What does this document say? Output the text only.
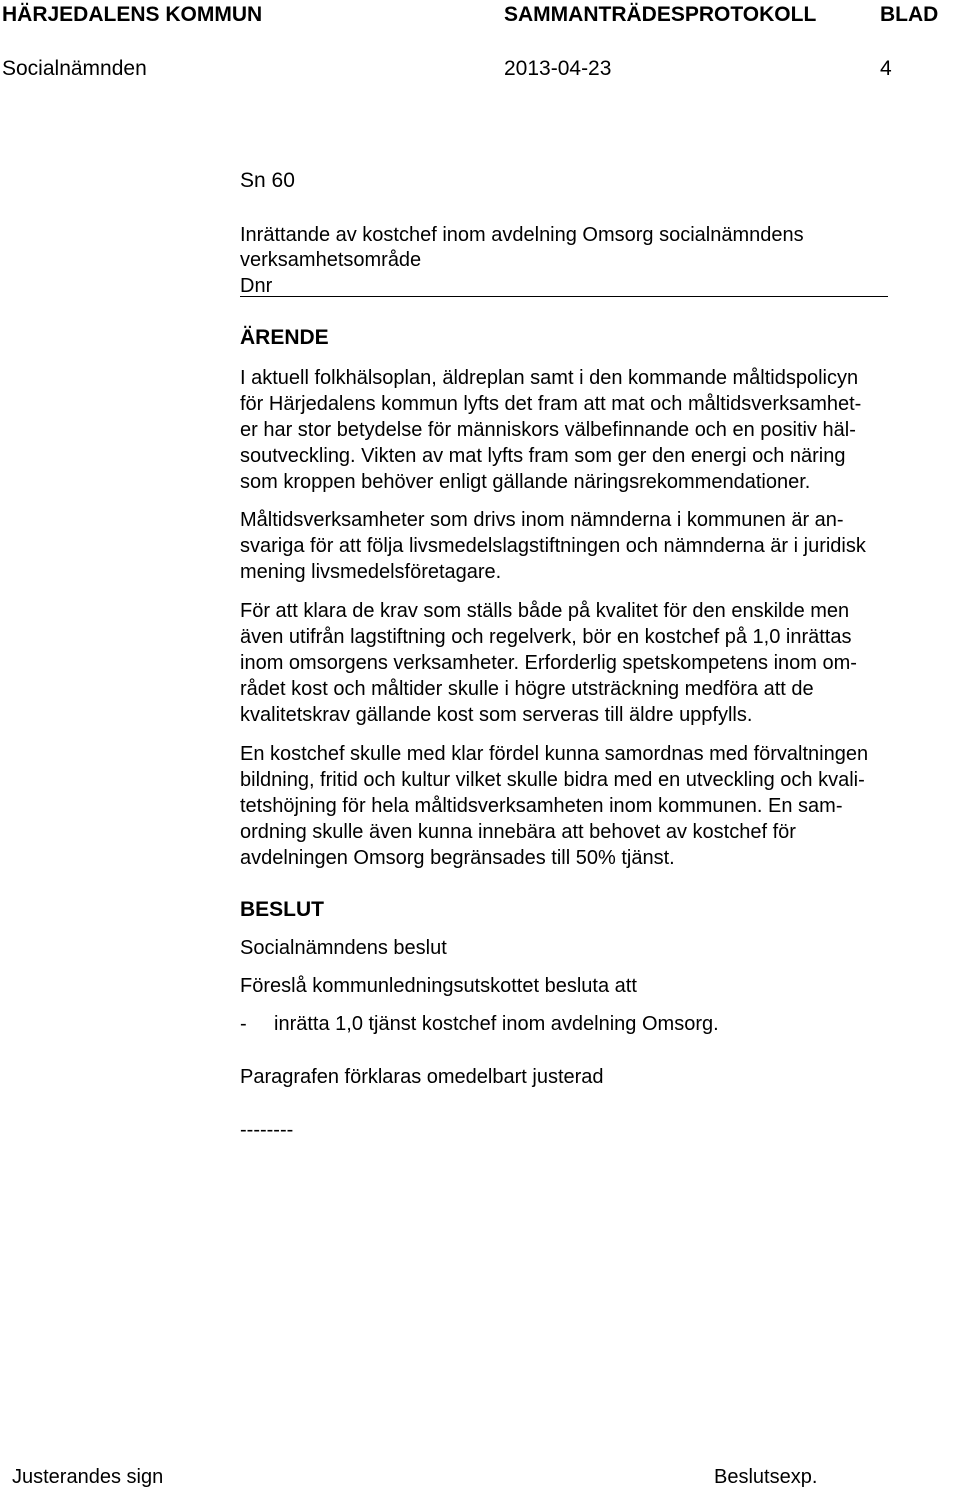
HÄRJEDALENS KOMMUN	SAMMANTRÄDESPROTOKOLL	BLAD
Socialnämnden	2013-04-23	4
Sn 60
Inrättande av kostchef inom avdelning Omsorg socialnämndens
verksamhetsområde
Dnr
ÄRENDE
I aktuell folkhälsoplan, äldreplan samt i den kommande måltidspolicyn
för Härjedalens kommun lyfts det fram att mat och måltidsverksamhet-
er har stor betydelse för människors välbefinnande och en positiv häl-
soutveckling. Vikten av mat lyfts fram som ger den energi och näring
som kroppen behöver enligt gällande näringsrekommendationer.
Måltidsverksamheter som drivs inom nämnderna i kommunen är an-
svariga för att följa livsmedelslagstiftningen och nämnderna är i juridisk
mening livsmedelsföretagare.
För att klara de krav som ställs både på kvalitet för den enskilde men
även utifrån lagstiftning och regelverk, bör en kostchef på 1,0 inrättas
inom omsorgens verksamheter. Erforderlig spetskompetens inom om-
rådet kost och måltider skulle i högre utsträckning medföra att de
kvalitetskrav gällande kost som serveras till äldre uppfylls.
En kostchef skulle med klar fördel kunna samordnas med förvaltningen
bildning, fritid och kultur vilket skulle bidra med en utveckling och kvali-
tetshöjning för hela måltidsverksamheten inom kommunen. En sam-
ordning skulle även kunna innebära att behovet av kostchef för
avdelningen Omsorg begränsades till 50% tjänst.
BESLUT
Socialnämndens beslut
Föreslå kommunledningsutskottet besluta att
- inrätta 1,0 tjänst kostchef inom avdelning Omsorg.
Paragrafen förklaras omedelbart justerad
--------
Justerandes sign	Beslutsexp.
